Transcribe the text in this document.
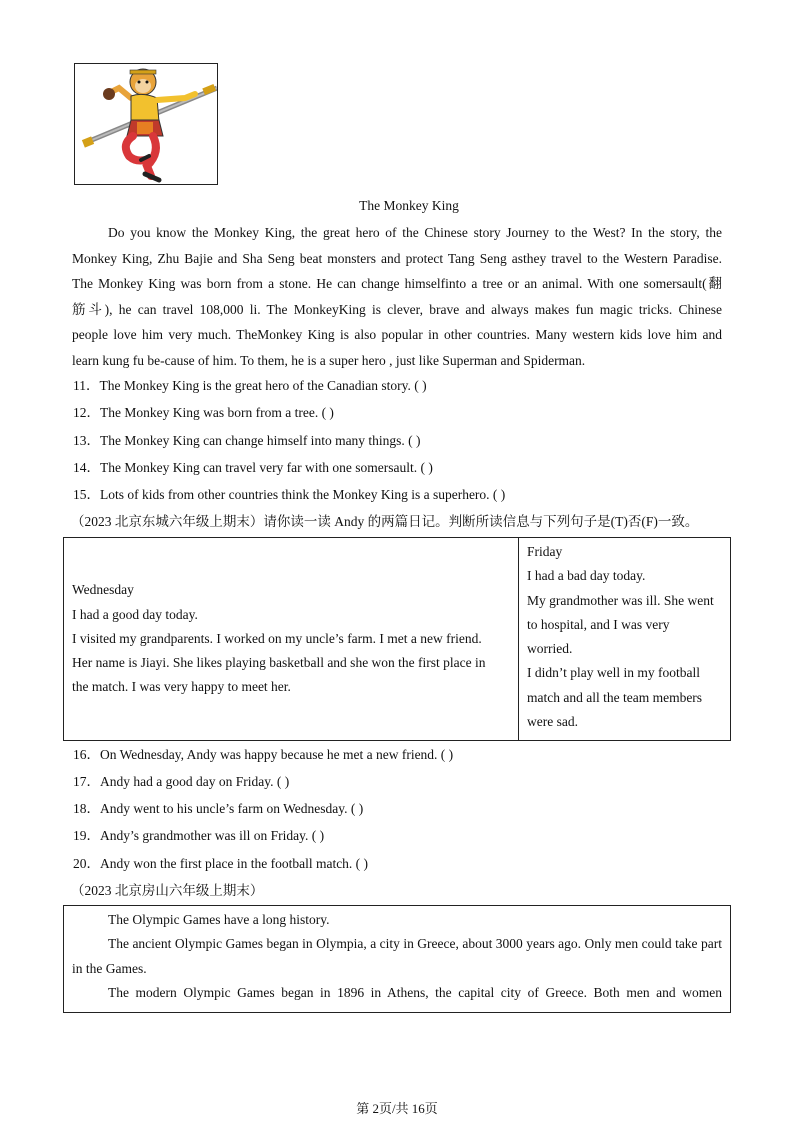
The Monkey King
Do you know the Monkey King, the great hero of the Chinese story Journey to the West? In the story, the
Monkey King, Zhu Bajie and Sha Seng beat monsters and protect Tang Seng asthey travel to the Western Paradise.
The Monkey King was born from a stone. He can change himselfinto a tree or an animal. With one somersault(翻
筋斗), he can travel 108,000 li. The MonkeyKing is clever, brave and always makes fun magic tricks. Chinese
people love him very much. TheMonkey King is also popular in other countries. Many western kids love him and
learn kung fu be-cause of him. To them, he is a super hero , just like Superman and Spiderman.
11．The Monkey King is the great hero of the Canadian story. ( )
12．The Monkey King was born from a tree. ( )
13．The Monkey King can change himself into many things. ( )
14．The Monkey King can travel very far with one somersault. ( )
15．Lots of kids from other countries think the Monkey King is a superhero. ( )
（2023 北京东城六年级上期末）请你读一读 Andy 的两篇日记。判断所读信息与下列句子是(T)否(F)一致。
Wednesday
I had a good day today.
I visited my grandparents. I worked on my uncle’s farm. I met a new friend.
Her name is Jiayi. She likes playing basketball and she won the first place in
the match. I was very happy to meet her.

Friday
I had a bad day today.
My grandmother was ill. She went
to hospital, and I was very
worried.
I didn’t play well in my football
match and all the team members
were sad.
16．On Wednesday, Andy was happy because he met a new friend. ( )
17．Andy had a good day on Friday. ( )
18．Andy went to his uncle’s farm on Wednesday. ( )
19．Andy’s grandmother was ill on Friday. ( )
20．Andy won the first place in the football match. ( )
（2023 北京房山六年级上期末）
The Olympic Games have a long history.
The ancient Olympic Games began in Olympia, a city in Greece, about 3000 years ago. Only men could take part in the Games.
The modern Olympic Games began in 1896 in Athens, the capital city of Greece. Both men and women
第 2页/共 16页
